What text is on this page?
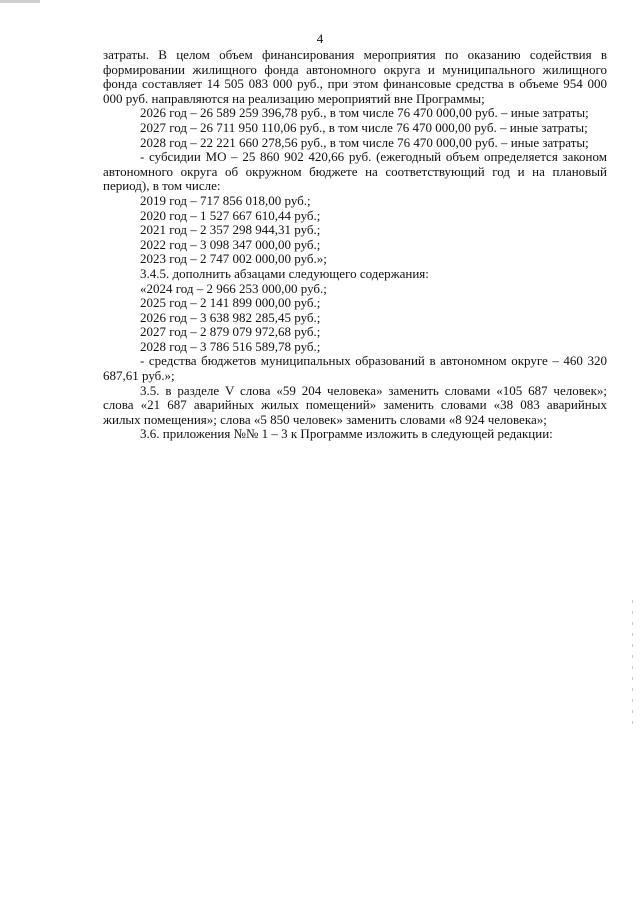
4

затраты. В целом объем финансирования мероприятия по оказанию содействия в формировании жилищного фонда автономного округа и муниципального жилищного фонда составляет 14 505 083 000 руб., при этом финансовые средства в объеме 954 000 000 руб. направляются на реализацию мероприятий вне Программы;

2026 год – 26 589 259 396,78 руб., в том числе 76 470 000,00 руб. – иные затраты;

2027 год – 26 711 950 110,06 руб., в том числе 76 470 000,00 руб. – иные затраты;

2028 год – 22 221 660 278,56 руб., в том числе 76 470 000,00 руб. – иные затраты;

- субсидии МО – 25 860 902 420,66 руб. (ежегодный объем определяется законом автономного округа об окружном бюджете на соответствующий год и на плановый период), в том числе:

2019 год – 717 856 018,00 руб.;

2020 год – 1 527 667 610,44 руб.;

2021 год – 2 357 298 944,31 руб.;

2022 год – 3 098 347 000,00 руб.;

2023 год – 2 747 002 000,00 руб.»;

3.4.5. дополнить абзацами следующего содержания:

«2024 год – 2 966 253 000,00 руб.;

2025 год – 2 141 899 000,00 руб.;

2026 год – 3 638 982 285,45 руб.;

2027 год – 2 879 079 972,68 руб.;

2028 год – 3 786 516 589,78 руб.;

- средства бюджетов муниципальных образований в автономном округе – 460 320 687,61 руб.»;

3.5. в разделе V слова «59 204 человека» заменить словами «105 687 человек»; слова «21 687 аварийных жилых помещений» заменить словами «38 083 аварийных жилых помещения»; слова «5 850 человек» заменить словами «8 924 человека»;

3.6. приложения №№ 1 – 3 к Программе изложить в следующей редакции:
